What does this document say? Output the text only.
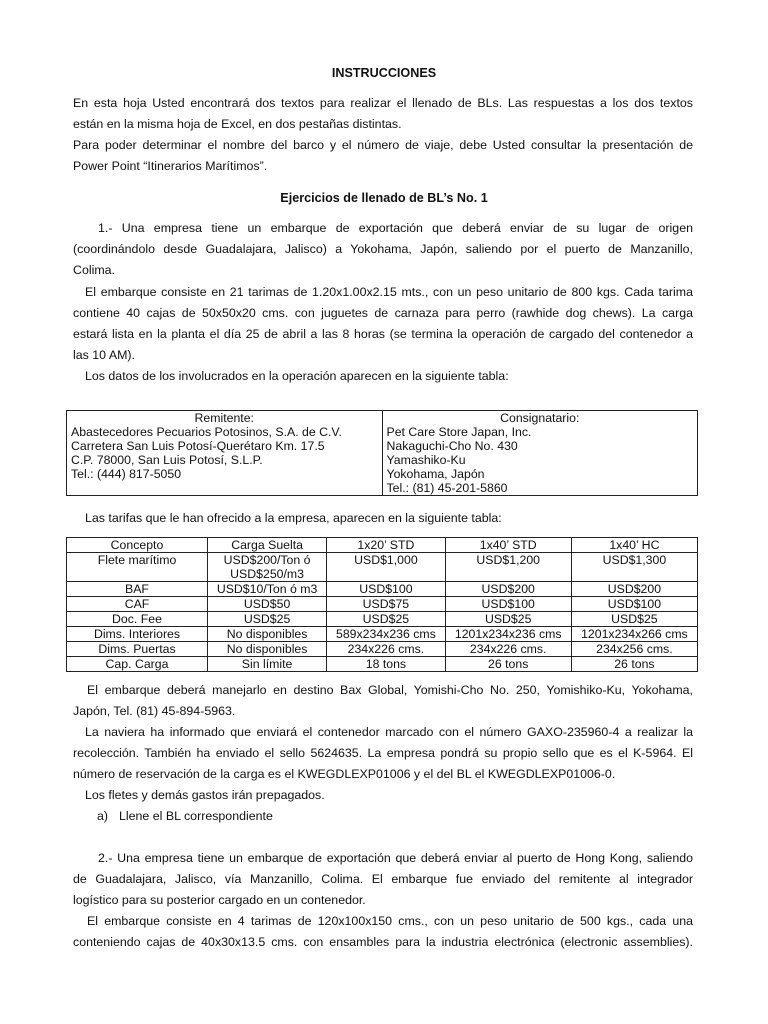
INSTRUCCIONES
En esta hoja Usted encontrará dos textos para realizar el llenado de BLs. Las respuestas a los dos textos
están en la misma hoja de Excel, en dos pestañas distintas.
Para poder determinar el nombre del barco y el número de viaje, debe Usted consultar la presentación de
Power Point “Itinerarios Marítimos”.
Ejercicios de llenado de BL’s No. 1
1.- Una empresa tiene un embarque de exportación que deberá enviar de su lugar de origen
(coordinándolo desde Guadalajara, Jalisco) a Yokohama, Japón, saliendo por el puerto de Manzanillo,
Colima.
El embarque consiste en 21 tarimas de 1.20x1.00x2.15 mts., con un peso unitario de 800 kgs. Cada tarima
contiene 40 cajas de 50x50x20 cms. con juguetes de carnaza para perro (rawhide dog chews). La carga
estará lista en la planta el día 25 de abril a las 8 horas (se termina la operación de cargado del contenedor a
las 10 AM).
Los datos de los involucrados en la operación aparecen en la siguiente tabla:
Remitente:
Abastecedores Pecuarios Potosinos, S.A. de C.V.
Carretera San Luis Potosí-Querétaro Km. 17.5
C.P. 78000, San Luis Potosí, S.L.P.
Tel.: (444) 817-5050

Consignatario:
Pet Care Store Japan, Inc.
Nakaguchi-Cho No. 430
Yamashiko-Ku
Yokohama, Japón
Tel.: (81) 45-201-5860
Las tarifas que le han ofrecido a la empresa, aparecen en la siguiente tabla:
Concepto	Carga Suelta	1x20’ STD	1x40’ STD	1x40’ HC
Flete marítimo	USD$200/Ton ó
USD$250/m3	USD$1,000	USD$1,200	USD$1,300
BAF	USD$10/Ton ó m3	USD$100	USD$200	USD$200
CAF	USD$50	USD$75	USD$100	USD$100
Doc. Fee	USD$25	USD$25	USD$25	USD$25
Dims. Interiores	No disponibles	589x234x236 cms	1201x234x236 cms	1201x234x266 cms
Dims. Puertas	No disponibles	234x226 cms.	234x226 cms.	234x256 cms.
Cap. Carga	Sin límite	18 tons	26 tons	26 tons
El embarque deberá manejarlo en destino Bax Global, Yomishi-Cho No. 250, Yomishiko-Ku, Yokohama,
Japón, Tel. (81) 45-894-5963.
La naviera ha informado que enviará el contenedor marcado con el número GAXO-235960-4 a realizar la
recolección. También ha enviado el sello 5624635. La empresa pondrá su propio sello que es el K-5964. El
número de reservación de la carga es el KWEGDLEXP01006 y el del BL el KWEGDLEXP01006-0.
Los fletes y demás gastos irán prepagados.
a) Llene el BL correspondiente
2.- Una empresa tiene un embarque de exportación que deberá enviar al puerto de Hong Kong, saliendo
de Guadalajara, Jalisco, vía Manzanillo, Colima. El embarque fue enviado del remitente al integrador
logístico para su posterior cargado en un contenedor.
El embarque consiste en 4 tarimas de 120x100x150 cms., con un peso unitario de 500 kgs., cada una
conteniendo cajas de 40x30x13.5 cms. con ensambles para la industria electrónica (electronic assemblies).
